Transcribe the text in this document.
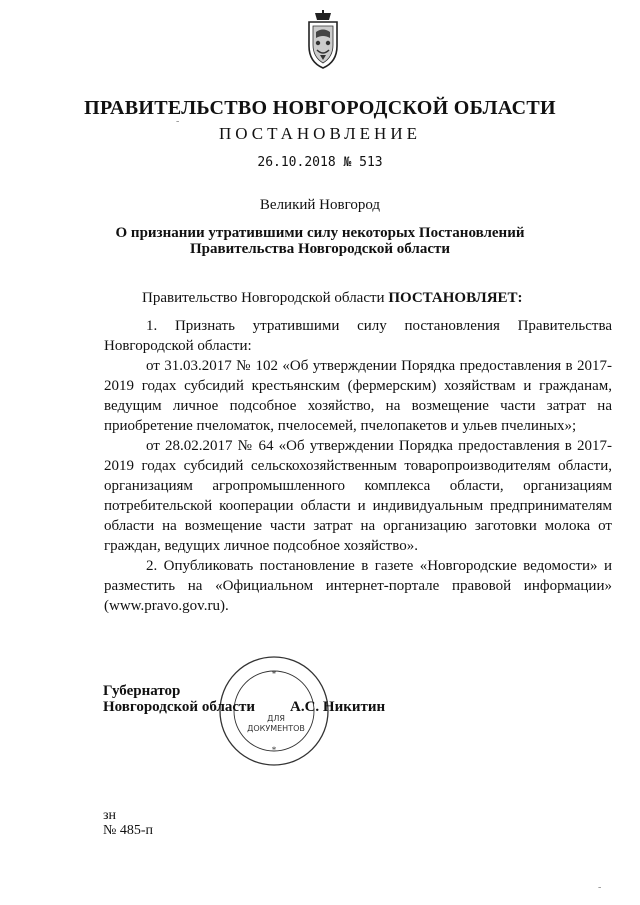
ПРАВИТЕЛЬСТВО НОВГОРОДСКОЙ ОБЛАСТИ
ПОСТАНОВЛЕНИЕ
26.10.2018 № 513
Великий Новгород
О признании утратившими силу некоторых Постановлений
Правительства Новгородской области

Правительство Новгородской области ПОСТАНОВЛЯЕТ:

1. Признать утратившими силу постановления Правительства Новгородской области:

от 31.03.2017 № 102 «Об утверждении Порядка предоставления в 2017-2019 годах субсидий крестьянским (фермерским) хозяйствам и гражданам, ведущим личное подсобное хозяйство, на возмещение части затрат на приобретение пчеломаток, пчелосемей, пчелопакетов и ульев пчелиных»;

от 28.02.2017 № 64 «Об утверждении Порядка предоставления в 2017-2019 годах субсидий сельскохозяйственным товаропроизводителям области, организациям агропромышленного комплекса области, организациям потребительской кооперации области и индивидуальным предпринимателям области на возмещение части затрат на организацию заготовки молока от граждан, ведущих личное подсобное хозяйство».

2. Опубликовать постановление в газете «Новгородские ведомости» и разместить на «Официальном интернет-портале правовой информации» (www.pravo.gov.ru).

*
*
ДЛЯ
ДОКУМЕНТОВ
Губернатор
Новгородской области А.С. Никитин
зн
№ 485-п
-
-
